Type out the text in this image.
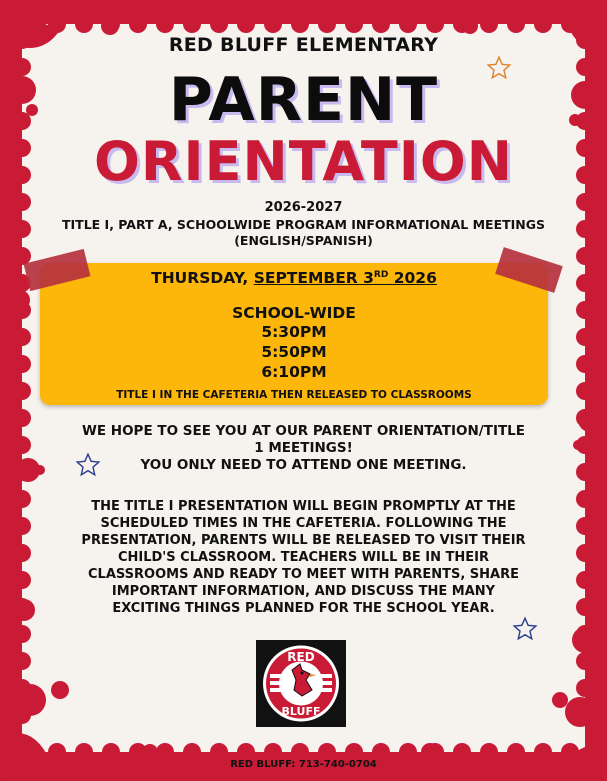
RED BLUFF ELEMENTARY
PARENT
ORIENTATION
2026-2027
TITLE I, PART A, SCHOOLWIDE PROGRAM INFORMATIONAL MEETINGS
(ENGLISH/SPANISH)
THURSDAY, SEPTEMBER 3RD 2026
SCHOOL-WIDE
5:30PM
5:50PM
6:10PM
TITLE I IN THE CAFETERIA THEN RELEASED TO CLASSROOMS
WE HOPE TO SEE YOU AT OUR PARENT ORIENTATION/TITLE
1 MEETINGS!
YOU ONLY NEED TO ATTEND ONE MEETING.
THE TITLE I PRESENTATION WILL BEGIN PROMPTLY AT THE
SCHEDULED TIMES IN THE CAFETERIA. FOLLOWING THE
PRESENTATION, PARENTS WILL BE RELEASED TO VISIT THEIR
CHILD'S CLASSROOM. TEACHERS WILL BE IN THEIR
CLASSROOMS AND READY TO MEET WITH PARENTS, SHARE
IMPORTANT INFORMATION, AND DISCUSS THE MANY
EXCITING THINGS PLANNED FOR THE SCHOOL YEAR.
RED
BLUFF
RED BLUFF: 713-740-0704
